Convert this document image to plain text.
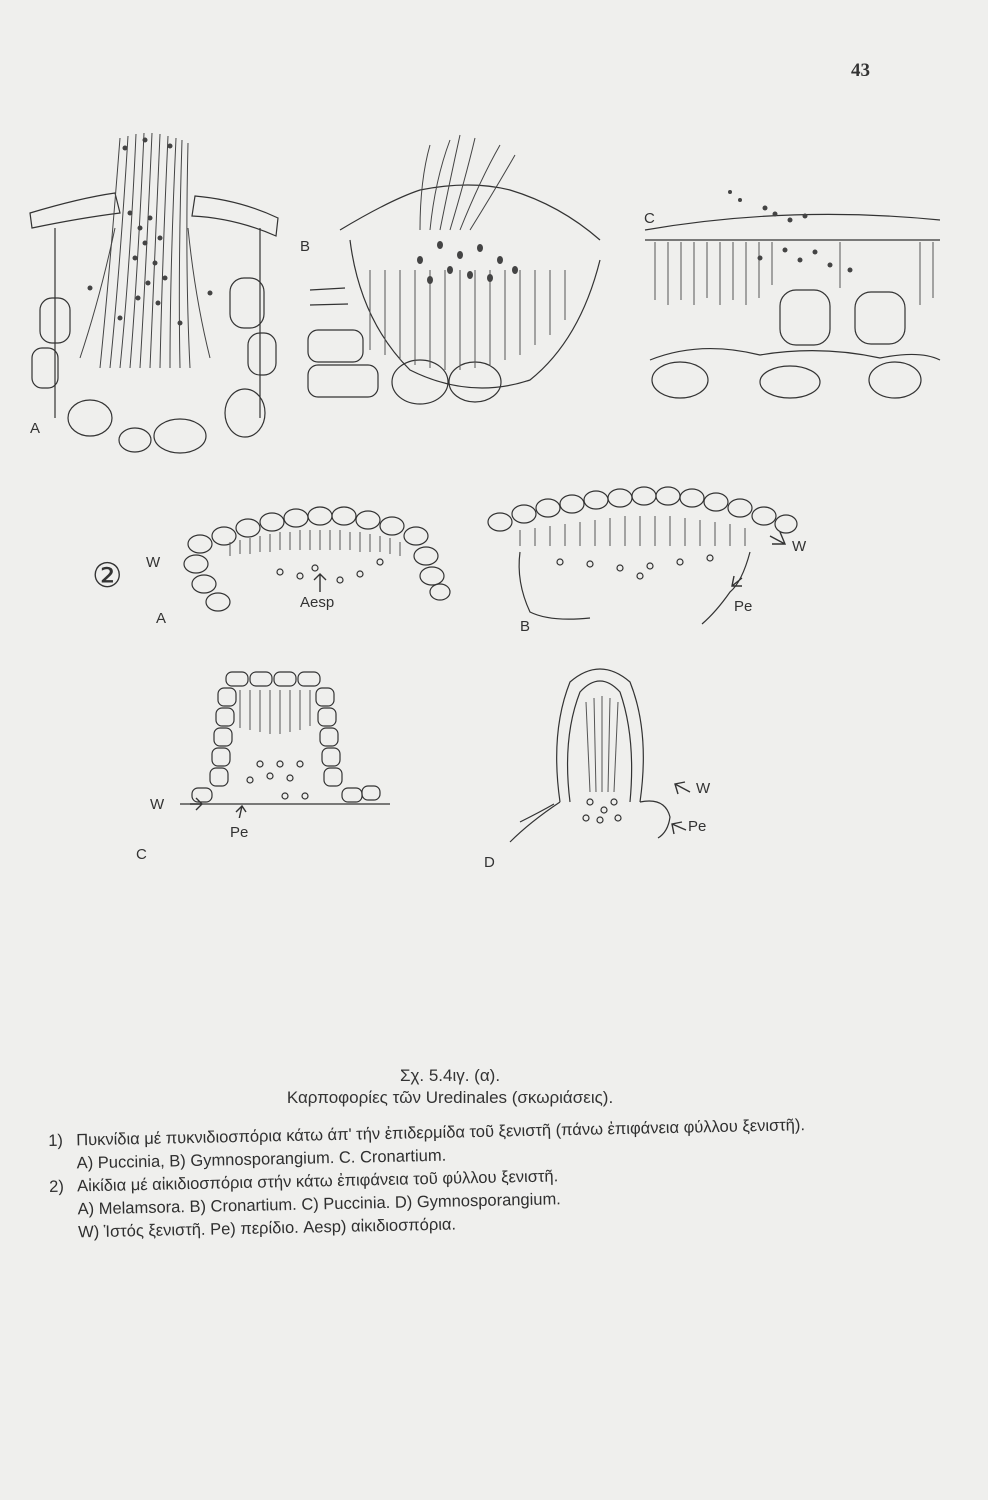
43
A
B
C
② W
Aesp
A
W
Pe
B
W
Pe
C
W
Pe
D
Σχ. 5.4ιγ. (α).
Καρποφορίες τῶν Uredinales (σκωριάσεις).
1) Πυκνίδια μέ πυκνιδιοσπόρια κάτω άπ' τήν ἐπιδερμίδα τοῦ ξενιστῆ (πάνω ἐπιφάνεια φύλλου ξενιστῆ).
A) Puccinia, B) Gymnosporangium. C. Cronartium.
2) Αἰκίδια μέ αἰκιδιοσπόρια στήν κάτω ἐπιφάνεια τοῦ φύλλου ξενιστῆ.
A) Melamsora. B) Cronartium. C) Puccinia. D) Gymnosporangium.
W) Ἱστός ξενιστῆ. Pe) περίδιο. Aesp) αἰκιδιοσπόρια.
